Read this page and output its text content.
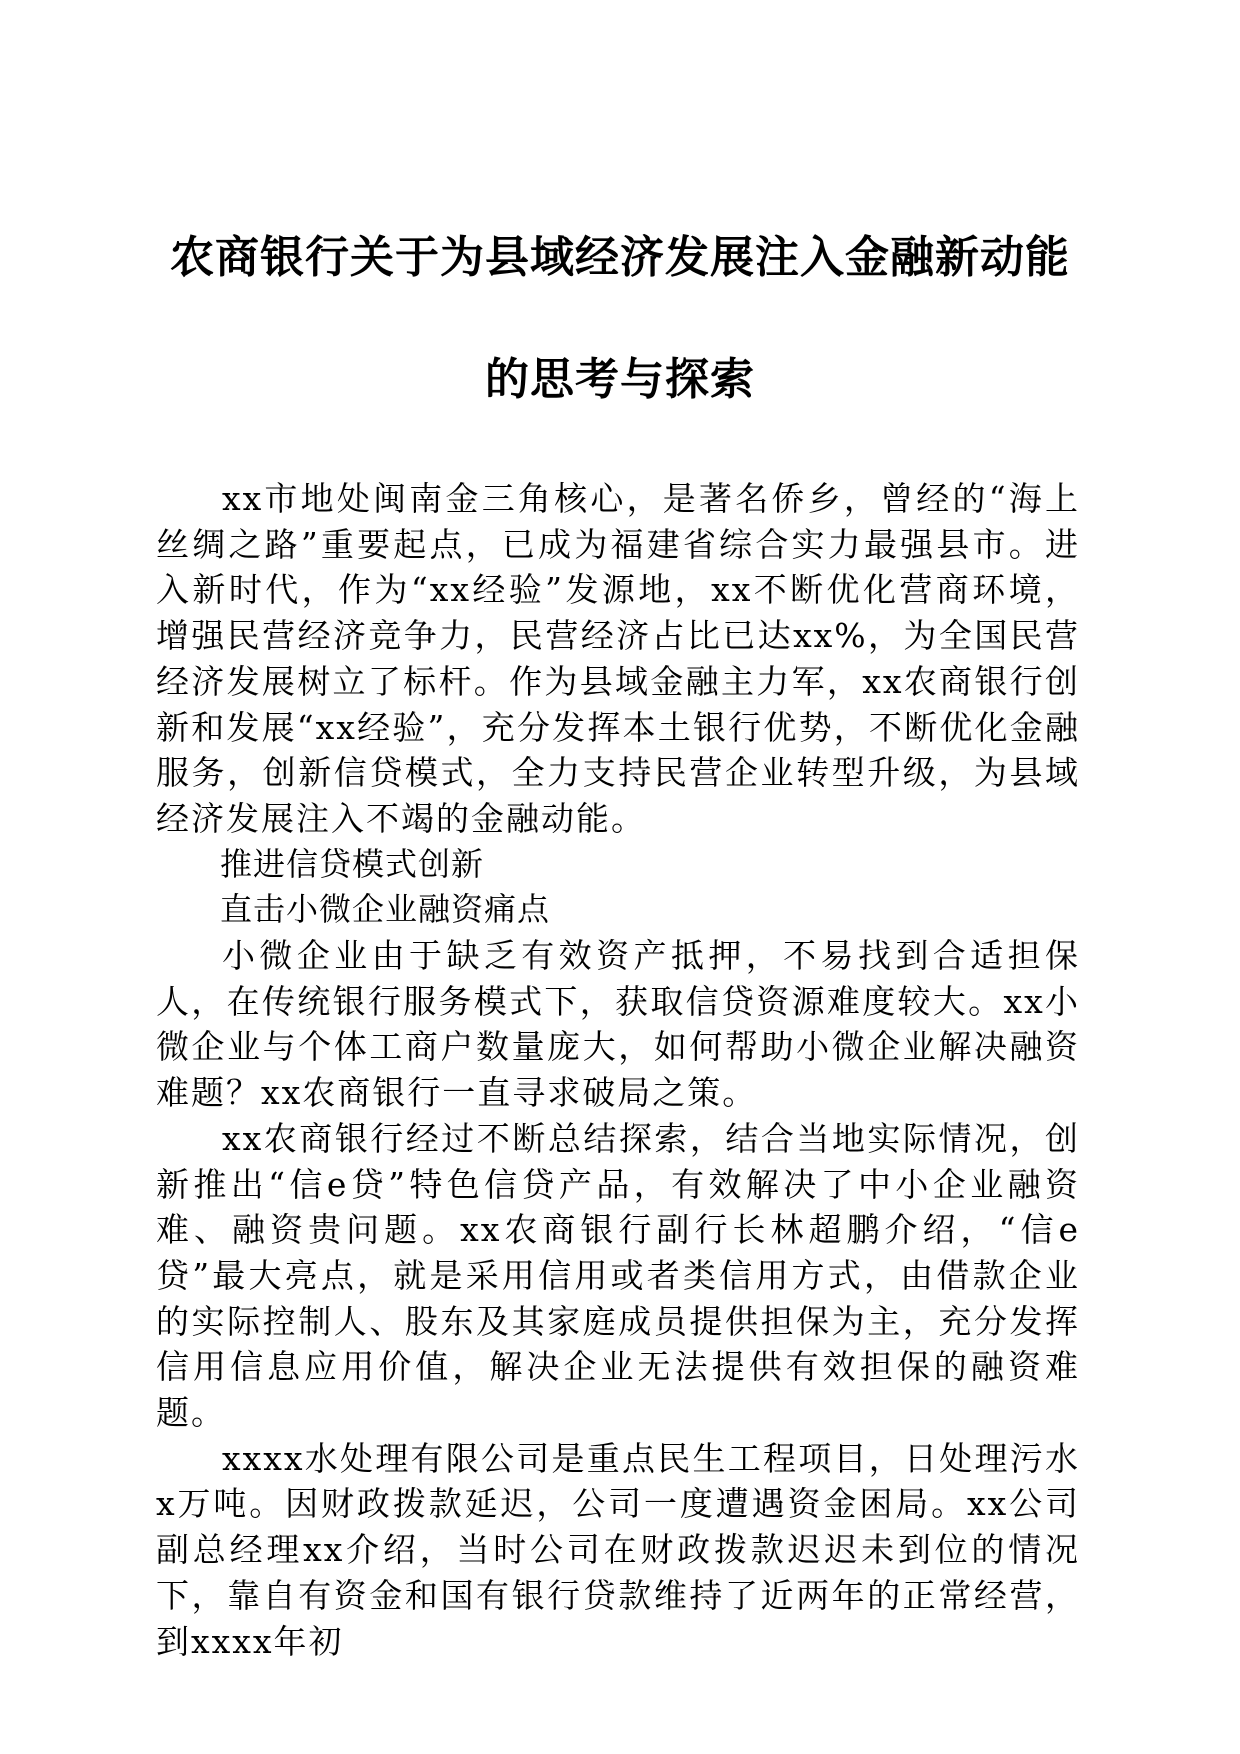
农商银行关于为县域经济发展注入金融新动能
的思考与探索

xx市地处闽南金三角核心，是著名侨乡，曾经的“海上丝绸之路”重要起点，已成为福建省综合实力最强县市。进入新时代，作为“xx经验”发源地，xx不断优化营商环境，增强民营经济竞争力，民营经济占比已达xx%，为全国民营经济发展树立了标杆。作为县域金融主力军，xx农商银行创新和发展“xx经验”，充分发挥本土银行优势，不断优化金融服务，创新信贷模式，全力支持民营企业转型升级，为县域经济发展注入不竭的金融动能。

推进信贷模式创新

直击小微企业融资痛点

小微企业由于缺乏有效资产抵押，不易找到合适担保人，在传统银行服务模式下，获取信贷资源难度较大。xx小微企业与个体工商户数量庞大，如何帮助小微企业解决融资难题？xx农商银行一直寻求破局之策。

xx农商银行经过不断总结探索，结合当地实际情况，创新推出“信e贷”特色信贷产品，有效解决了中小企业融资难、融资贵问题。xx农商银行副行长林超鹏介绍，“信e贷”最大亮点，就是采用信用或者类信用方式，由借款企业的实际控制人、股东及其家庭成员提供担保为主，充分发挥信用信息应用价值，解决企业无法提供有效担保的融资难题。

xxxx水处理有限公司是重点民生工程项目，日处理污水x万吨。因财政拨款延迟，公司一度遭遇资金困局。xx公司副总经理xx介绍，当时公司在财政拨款迟迟未到位的情况下，靠自有资金和国有银行贷款维持了近两年的正常经营，到xxxx年初
